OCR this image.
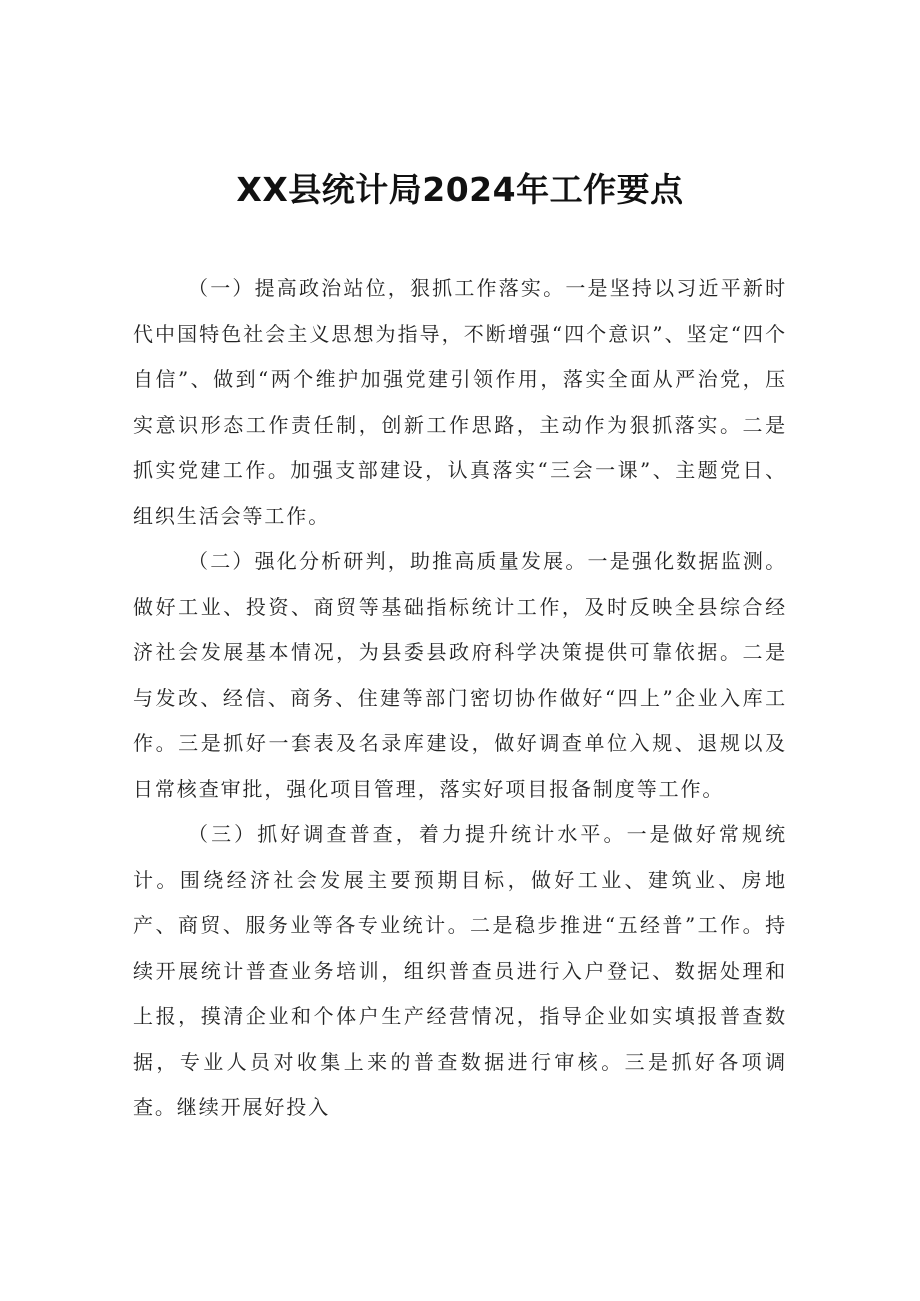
XX县统计局2024年工作要点

（一）提高政治站位，狠抓工作落实。一是坚持以习近平新时代中国特色社会主义思想为指导，不断增强“四个意识”、坚定“四个自信”、做到“两个维护加强党建引领作用，落实全面从严治党，压实意识形态工作责任制，创新工作思路，主动作为狠抓落实。二是抓实党建工作。加强支部建设，认真落实“三会一课”、主题党日、组织生活会等工作。

（二）强化分析研判，助推高质量发展。一是强化数据监测。做好工业、投资、商贸等基础指标统计工作，及时反映全县综合经济社会发展基本情况，为县委县政府科学决策提供可靠依据。二是与发改、经信、商务、住建等部门密切协作做好“四上”企业入库工作。三是抓好一套表及名录库建设，做好调查单位入规、退规以及日常核查审批，强化项目管理，落实好项目报备制度等工作。

（三）抓好调查普查，着力提升统计水平。一是做好常规统计。围绕经济社会发展主要预期目标，做好工业、建筑业、房地产、商贸、服务业等各专业统计。二是稳步推进“五经普”工作。持续开展统计普查业务培训，组织普查员进行入户登记、数据处理和上报，摸清企业和个体户生产经营情况，指导企业如实填报普查数据，专业人员对收集上来的普查数据进行审核。三是抓好各项调查。继续开展好投入
